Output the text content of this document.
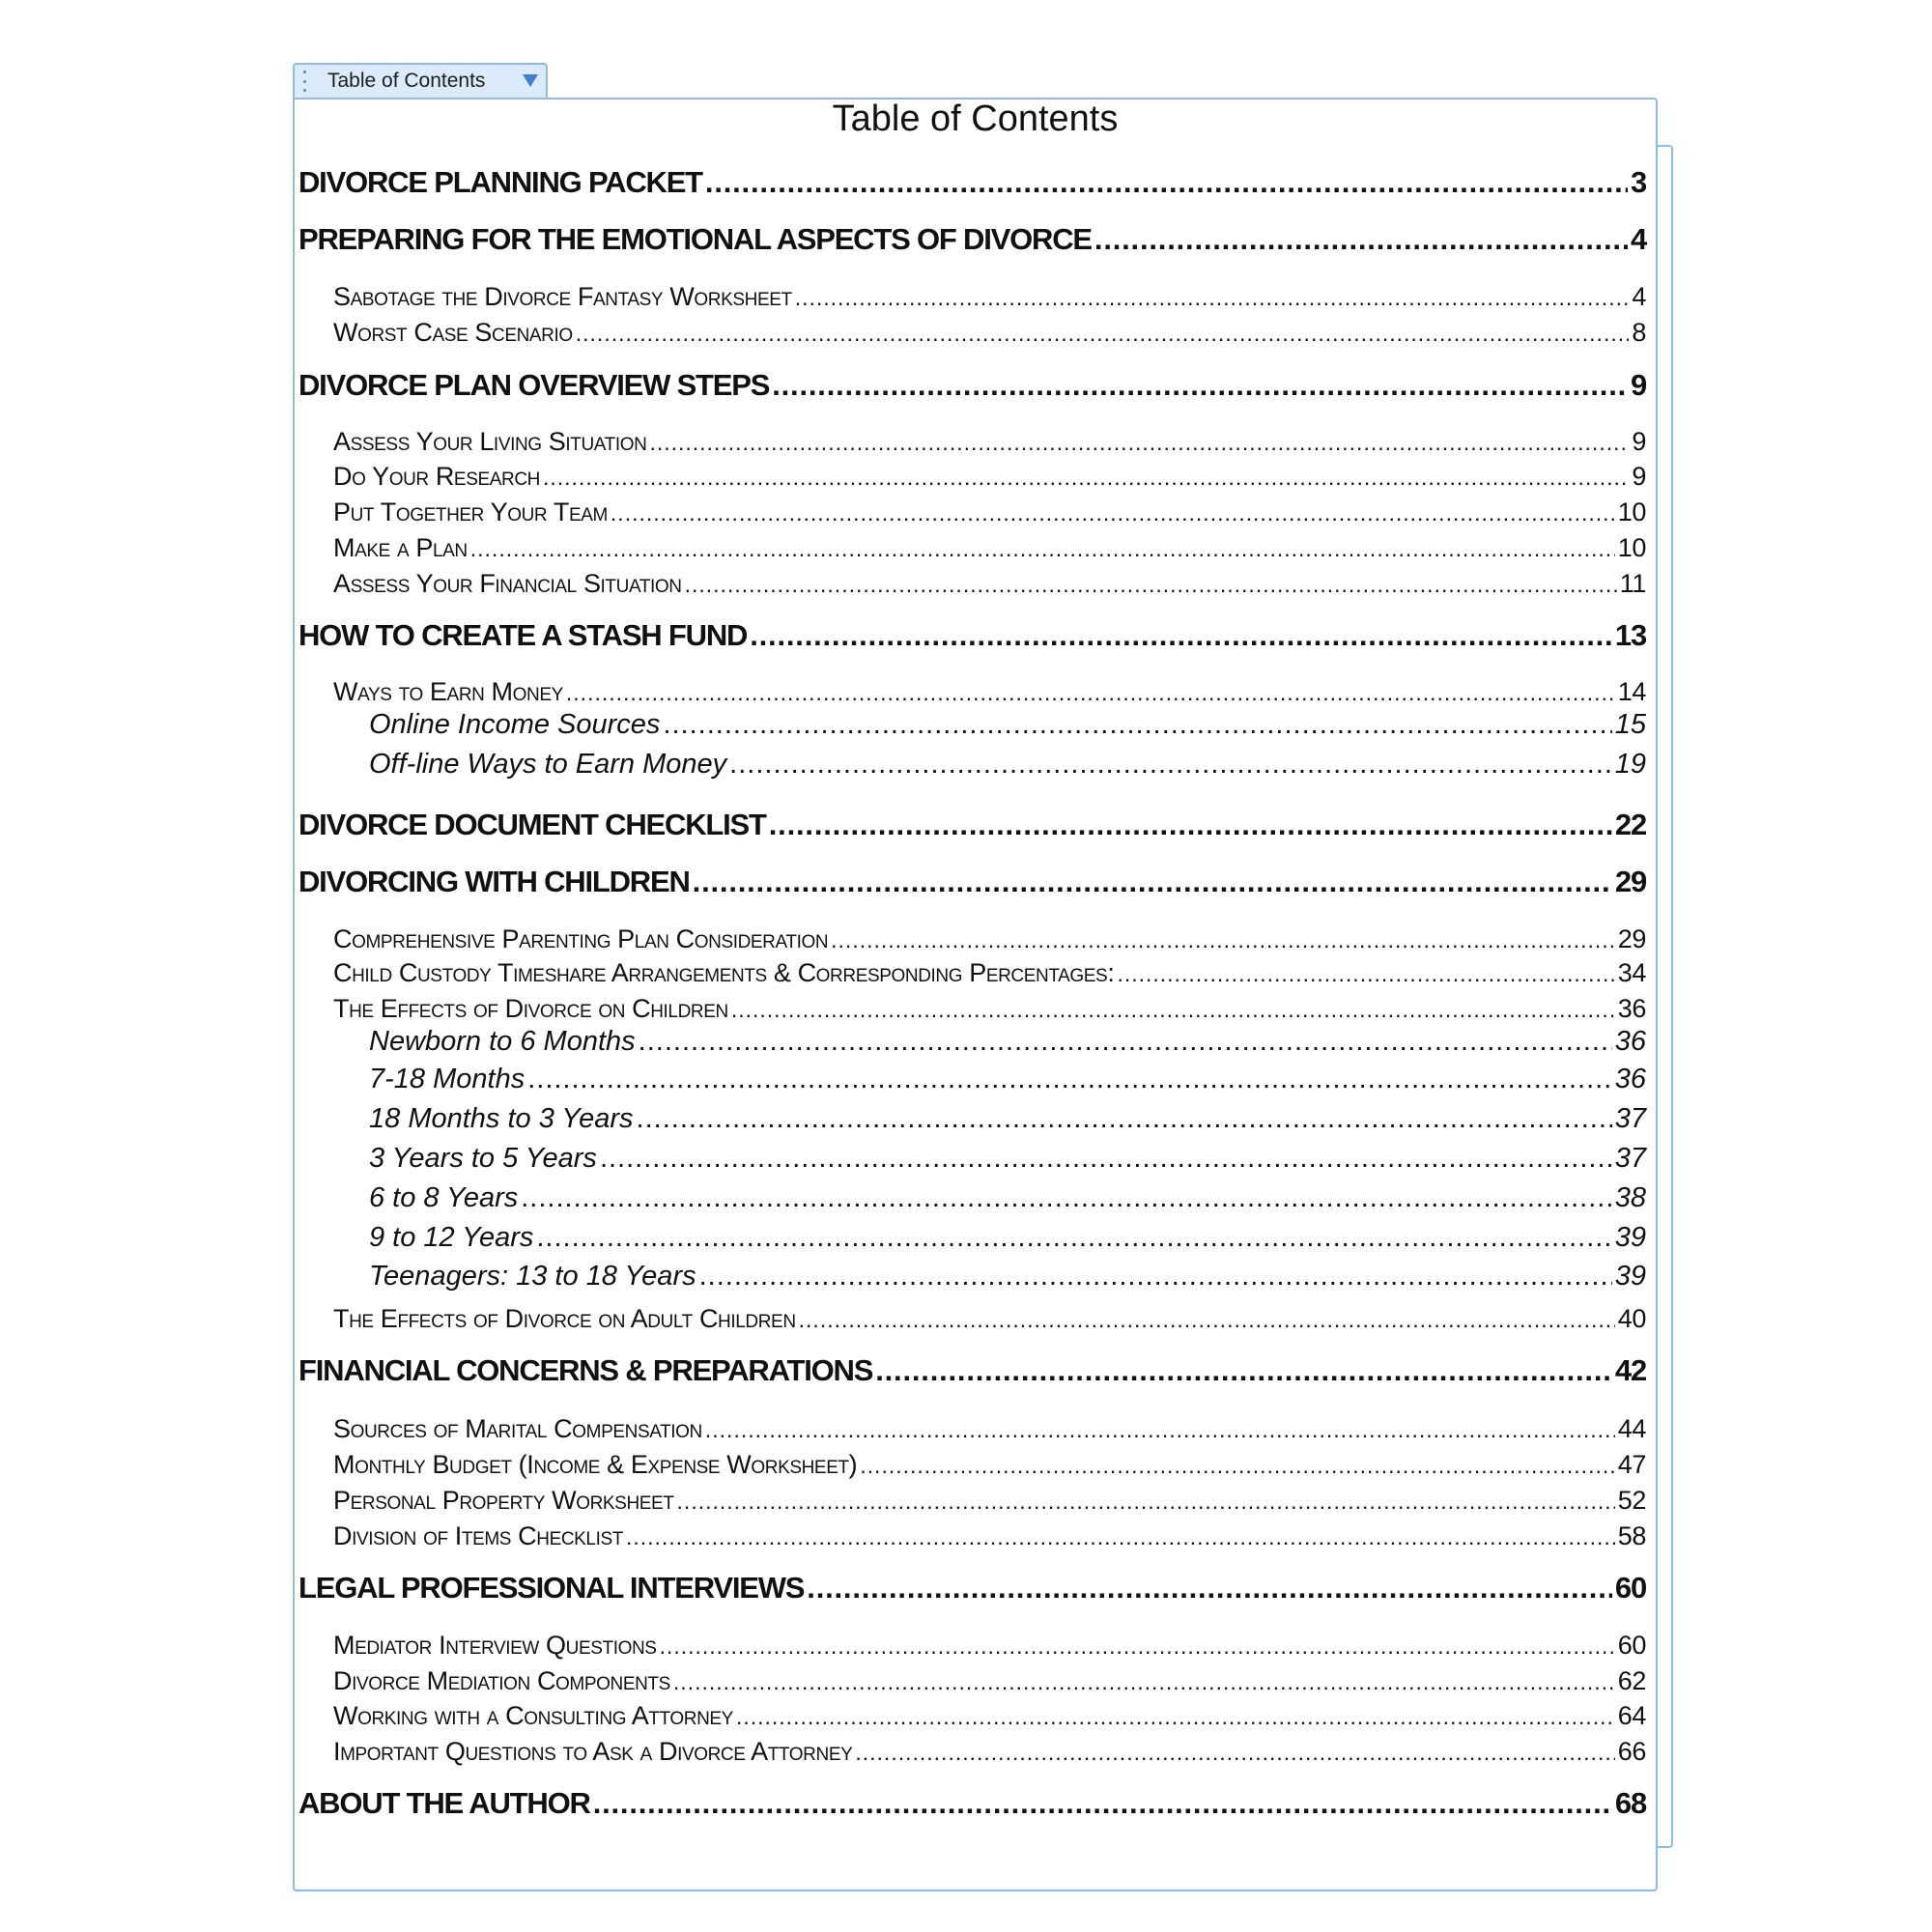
Table of Contents
Table of Contents
DIVORCE PLANNING PACKET .....	3
PREPARING FOR THE EMOTIONAL ASPECTS OF DIVORCE .....	4
Sabotage the Divorce Fantasy Worksheet .....	4
Worst Case Scenario .....	8
DIVORCE PLAN OVERVIEW STEPS .....	9
Assess Your Living Situation .....	9
Do Your Research .....	9
Put Together Your Team .....	10
Make a Plan .....	10
Assess Your Financial Situation .....	11
HOW TO CREATE A STASH FUND .....	13
Ways to Earn Money .....	14
Online Income Sources .....	15
Off-line Ways to Earn Money .....	19
DIVORCE DOCUMENT CHECKLIST .....	22
DIVORCING WITH CHILDREN .....	29
Comprehensive Parenting Plan Consideration .....	29
Child Custody Timeshare Arrangements & Corresponding Percentages: .....	34
The Effects of Divorce on Children .....	36
Newborn to 6 Months .....	36
7-18 Months .....	36
18 Months to 3 Years .....	37
3 Years to 5 Years .....	37
6 to 8 Years .....	38
9 to 12 Years .....	39
Teenagers: 13 to 18 Years .....	39
The Effects of Divorce on Adult Children .....	40
FINANCIAL CONCERNS & PREPARATIONS .....	42
Sources of Marital Compensation .....	44
Monthly Budget (Income & Expense Worksheet) .....	47
Personal Property Worksheet .....	52
Division of Items Checklist .....	58
LEGAL PROFESSIONAL INTERVIEWS .....	60
Mediator Interview Questions .....	60
Divorce Mediation Components .....	62
Working with a Consulting Attorney .....	64
Important Questions to Ask a Divorce Attorney .....	66
ABOUT THE AUTHOR .....	68
